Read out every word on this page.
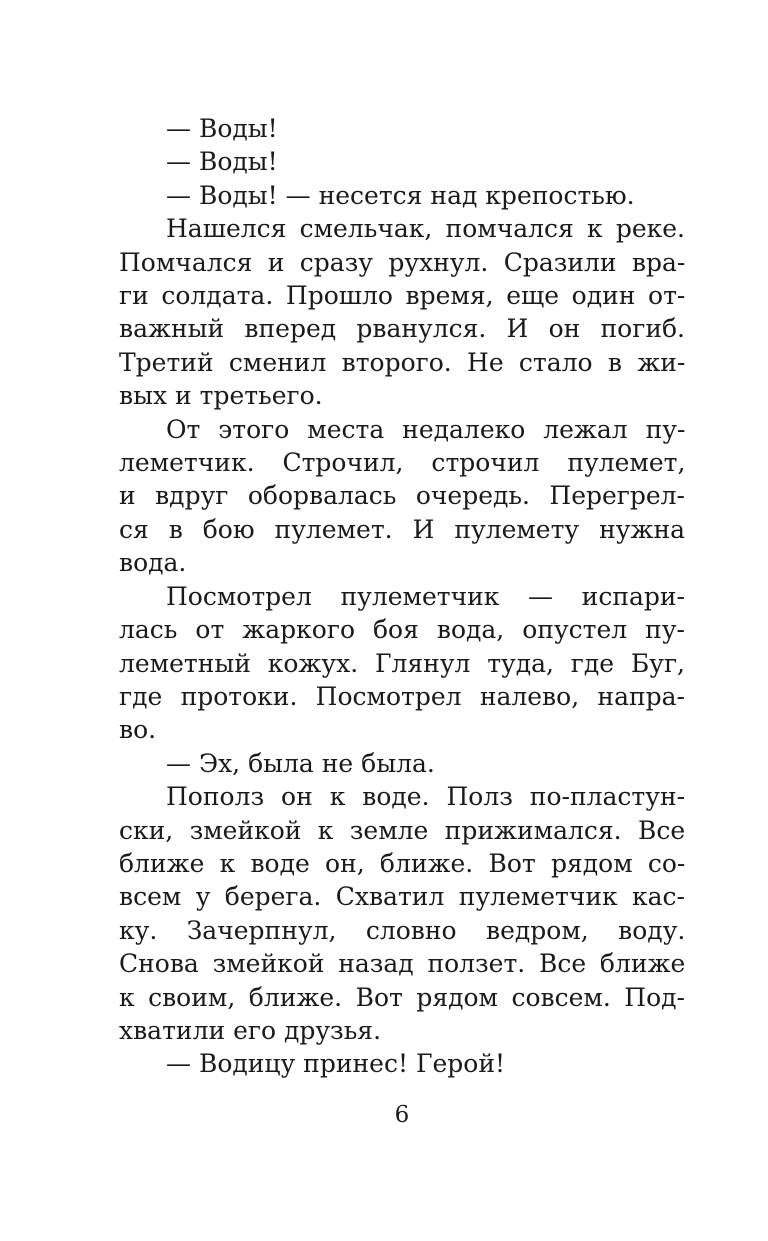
— Воды!
— Воды!
— Воды! — несется над крепостью.
Нашелся смельчак, помчался к реке.
Помчался и сразу рухнул. Сразили вра-
ги солдата. Прошло время, еще один от-
важный вперед рванулся. И он погиб.
Третий сменил второго. Не стало в жи-
вых и третьего.
От этого места недалеко лежал пу-
леметчик. Строчил, строчил пулемет,
и вдруг оборвалась очередь. Перегрел-
ся в бою пулемет. И пулемету нужна
вода.
Посмотрел пулеметчик — испари-
лась от жаркого боя вода, опустел пу-
леметный кожух. Глянул туда, где Буг,
где протоки. Посмотрел налево, напра-
во.
— Эх, была не была.
Пополз он к воде. Полз по-пластун-
ски, змейкой к земле прижимался. Все
ближе к воде он, ближе. Вот рядом со-
всем у берега. Схватил пулеметчик кас-
ку. Зачерпнул, словно ведром, воду.
Снова змейкой назад ползет. Все ближе
к своим, ближе. Вот рядом совсем. Под-
хватили его друзья.
— Водицу принес! Герой!
6
